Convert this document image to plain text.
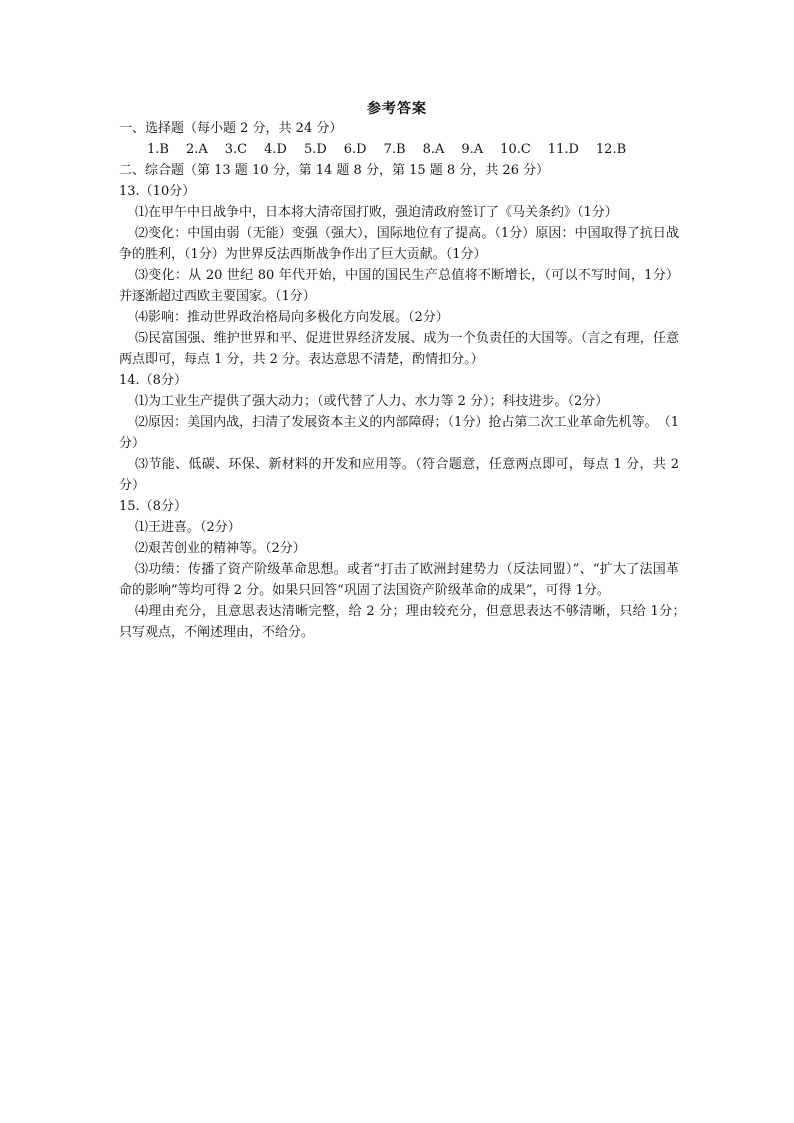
参考答案

一、选择题（每小题 2 分，共 24 分）

1.B 2.A 3.C 4.D 5.D 6.D 7.B 8.A 9.A 10.C 11.D 12.B

二、综合题（第 13 题 10 分，第 14 题 8 分，第 15 题 8 分，共 26 分）

13.（10分）

⑴在甲午中日战争中，日本将大清帝国打败，强迫清政府签订了《马关条约》（1分）

⑵变化：中国由弱（无能）变强（强大），国际地位有了提高。（1分）原因：中国取得了抗日战争的胜利，（1分）为世界反法西斯战争作出了巨大贡献。（1分）

⑶变化：从 20 世纪 80 年代开始，中国的国民生产总值将不断增长，（可以不写时间，1分）并逐渐超过西欧主要国家。（1分）

⑷影响：推动世界政治格局向多极化方向发展。（2分）

⑸民富国强、维护世界和平、促进世界经济发展、成为一个负责任的大国等。（言之有理，任意两点即可，每点 1 分，共 2 分。表达意思不清楚，酌情扣分。）

14.（8分）

⑴为工业生产提供了强大动力；（或代替了人力、水力等 2 分）；科技进步。（2分）

⑵原因：美国内战，扫清了发展资本主义的内部障碍；（1分）抢占第二次工业革命先机等。　（1分）

⑶节能、低碳、环保、新材料的开发和应用等。（符合题意，任意两点即可，每点 1 分，共 2 分）

15.（8分）

⑴王进喜。（2分）

⑵艰苦创业的精神等。（2分）

⑶功绩：传播了资产阶级革命思想。或者“打击了欧洲封建势力（反法同盟）”、“扩大了法国革命的影响”等均可得 2 分。如果只回答“巩固了法国资产阶级革命的成果”，可得 1分。

⑷理由充分，且意思表达清晰完整，给 2 分；理由较充分，但意思表达不够清晰，只给 1分；　只写观点，不阐述理由，不给分。
